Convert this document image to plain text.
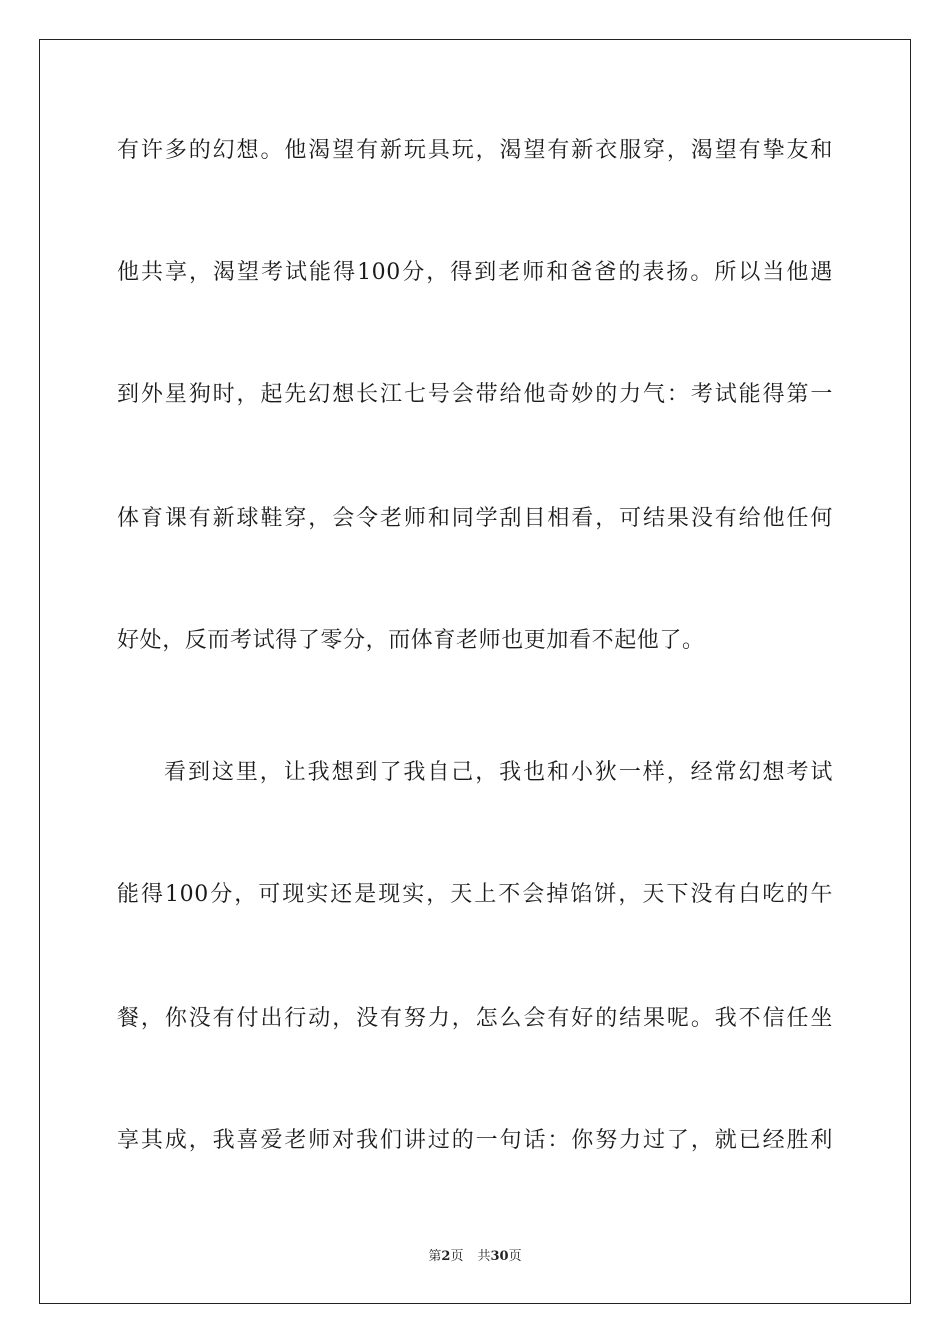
有许多的幻想。他渴望有新玩具玩，渴望有新衣服穿，渴望有挚友和
他共享，渴望考试能得100分，得到老师和爸爸的表扬。所以当他遇
到外星狗时，起先幻想长江七号会带给他奇妙的力气：考试能得第一
体育课有新球鞋穿，会令老师和同学刮目相看，可结果没有给他任何
好处，反而考试得了零分，而体育老师也更加看不起他了。
看到这里，让我想到了我自己，我也和小狄一样，经常幻想考试
能得100分，可现实还是现实，天上不会掉馅饼，天下没有白吃的午
餐，你没有付出行动，没有努力，怎么会有好的结果呢。我不信任坐
享其成，我喜爱老师对我们讲过的一句话：你努力过了，就已经胜利
第2页 共30页
